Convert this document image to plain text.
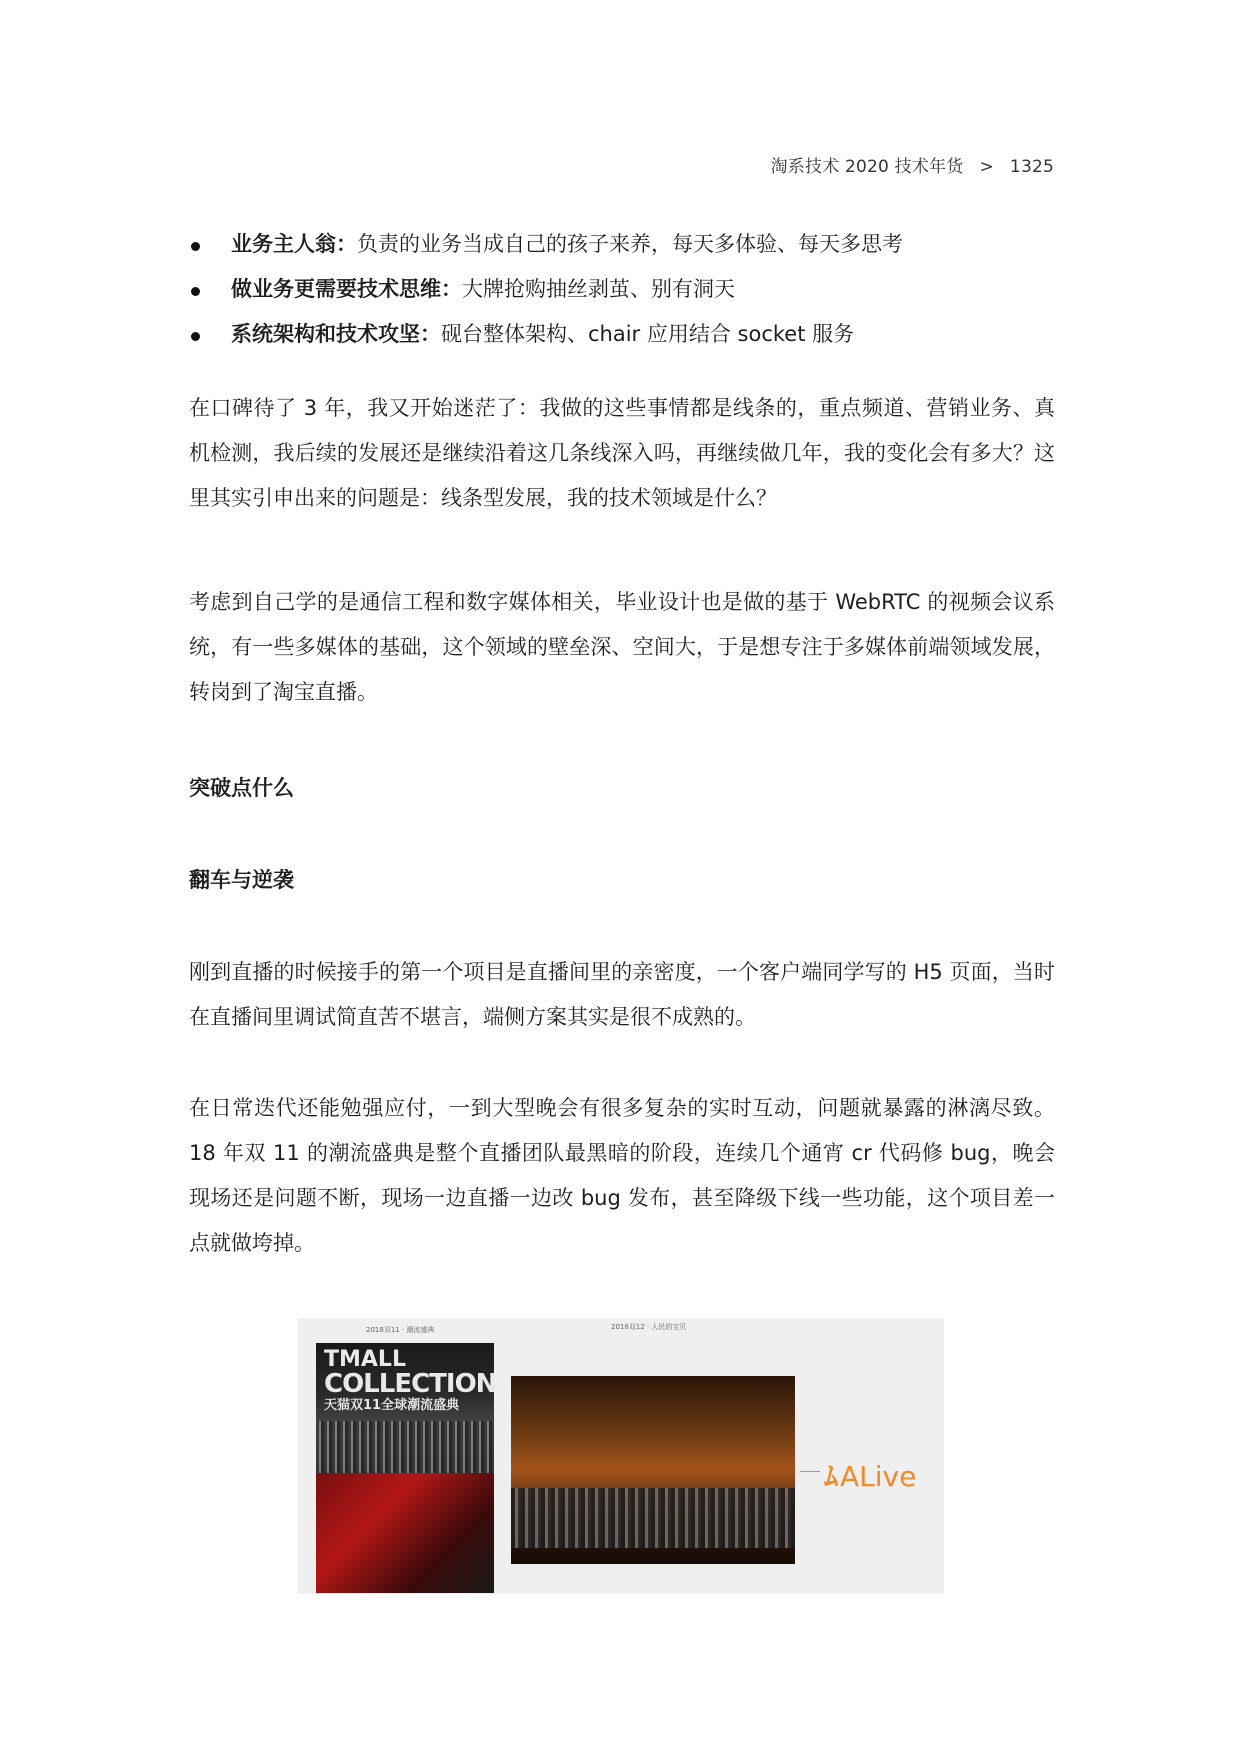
淘系技术 2020 技术年货 > 1325
业务主人翁：负责的业务当成自己的孩子来养，每天多体验、每天多思考
做业务更需要技术思维：大牌抢购抽丝剥茧、别有洞天
系统架构和技术攻坚：砚台整体架构、chair 应用结合 socket 服务

在口碑待了 3 年，我又开始迷茫了：我做的这些事情都是线条的，重点频道、营销业务、真机检测，我后续的发展还是继续沿着这几条线深入吗，再继续做几年，我的变化会有多大？这里其实引申出来的问题是：线条型发展，我的技术领域是什么？

考虑到自己学的是通信工程和数字媒体相关，毕业设计也是做的基于 WebRTC 的视频会议系统，有一些多媒体的基础，这个领域的壁垒深、空间大，于是想专注于多媒体前端领域发展，转岗到了淘宝直播。

突破点什么
翻车与逆袭

刚到直播的时候接手的第一个项目是直播间里的亲密度，一个客户端同学写的 H5 页面，当时在直播间里调试简直苦不堪言，端侧方案其实是很不成熟的。

在日常迭代还能勉强应付，一到大型晚会有很多复杂的实时互动，问题就暴露的淋漓尽致。18 年双 11 的潮流盛典是整个直播团队最黑暗的阶段，连续几个通宵 cr 代码修 bug，晚会现场还是问题不断，现场一边直播一边改 bug 发布，甚至降级下线一些功能，这个项目差一点就做垮掉。

2018双11 · 潮流盛典	2018双12 · 人民的宝贝
TMALL
COLLECTION
天猫双11全球潮流盛典
ﾑALive
